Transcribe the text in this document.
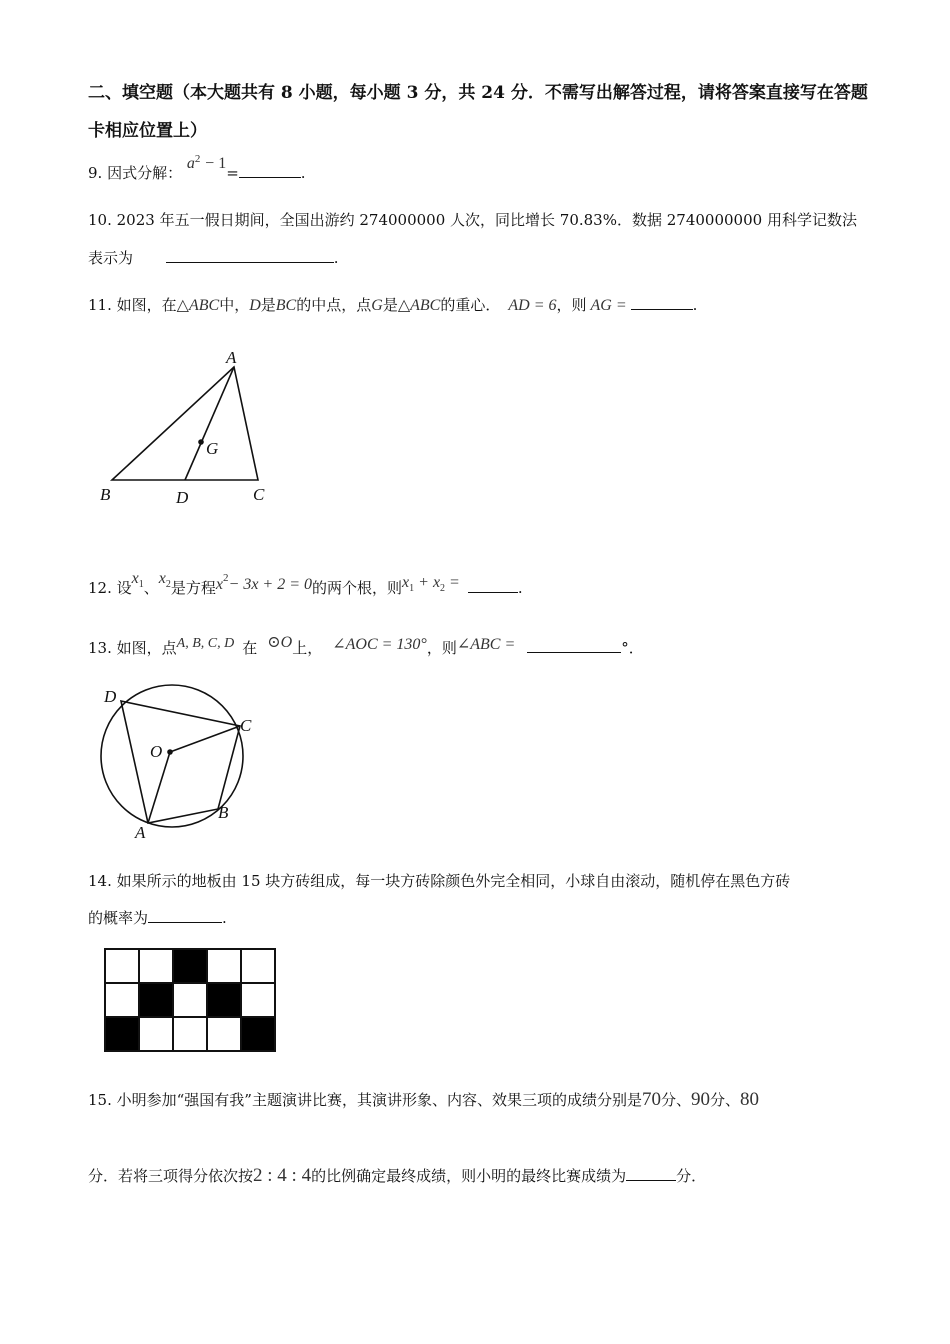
二、填空题（本大题共有 8 小题，每小题 3 分，共 24 分．不需写出解答过程，请将答案直接写在答题卡相应位置上）
9. 因式分解： $a^2 - 1=$	.
10. 2023 年五一假日期间，全国出游约 274000000 人次，同比增长 70.83%．数据 2740000000 用科学记数法
表示为	.
11. 如图，在△ABC中，D是BC的中点，点G是△ABC的重心． AD = 6，则 AG =	.
A
B	D	C
G
12. 设$x^1$、$x^2$是方程$x^2- 3x + 2 = 0$的两个根，则x1 + x2 =	.
13. 如图，点A, B, C, D 在 ⊙O上， ∠AOC = 130°，则∠ABC =	°．
D
C
O
B
A
14. 如果所示的地板由 15 块方砖组成，每一块方砖除颜色外完全相同，小球自由滚动，随机停在黑色方砖
的概率为	.
15. 小明参加“强国有我”主题演讲比赛，其演讲形象、内容、效果三项的成绩分别是70分、90分、80
分．若将三项得分依次按2 : 4 : 4的比例确定最终成绩，则小明的最终比赛成绩为	分．
